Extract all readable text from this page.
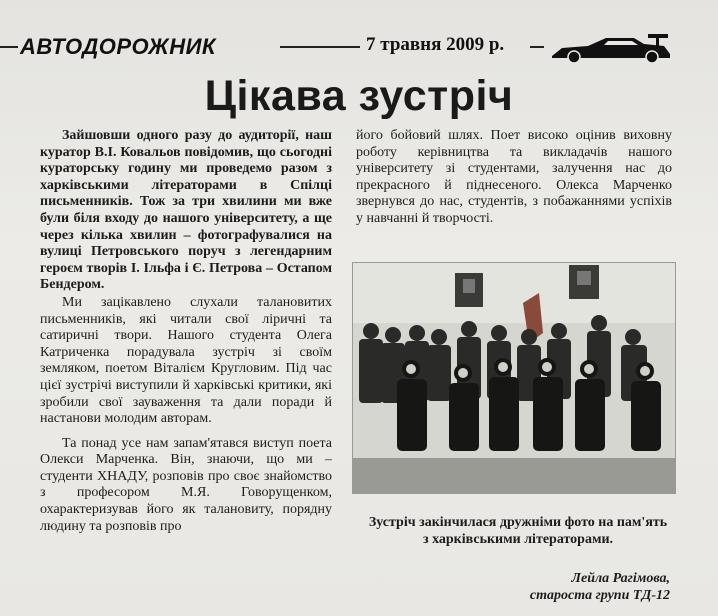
АВТОДОРОЖНИК	7 травня 2009 р.
Цікава зустріч

Зайшовши одного разу до аудиторії, наш куратор В.І. Ковальов повідомив, що сьогодні кураторську годину ми проведемо разом з харківськими літераторами в Спілці письменників. Тож за три хвилини ми вже були біля входу до нашого університету, а ще через кілька хвилин – фотографувалися на вулиці Петровського поруч з легендарним героєм творів І. Ільфа і Є. Петрова – Остапом Бендером.

Ми зацікавлено слухали талановитих письменників, які читали свої ліричні та сатиричні твори. Нашого студента Олега Катриченка порадувала зустріч зі своїм земляком, поетом Віталієм Кругловим. Під час цієї зустрічі виступили й харківські критики, які зробили свої зауваження та дали поради й настанови молодим авторам.

Та понад усе нам запам'ятався виступ поета Олекси Марченка. Він, знаючи, що ми – студенти ХНАДУ, розповів про своє знайомство з професором М.Я. Говорущенком, охарактеризував його як талановиту, порядну людину та розповів про

його бойовий шлях. Поет високо оцінив виховну роботу керівництва та викладачів нашого університету зі студентами, залучення нас до прекрасного й піднесеного. Олекса Марченко звернувся до нас, студентів, з побажаннями успіхів у навчанні й творчості.

Зустріч закінчилася дружніми фото на пам'ять з харківськими літераторами.
Лейла Рагімова,
староста групи ТД-12
